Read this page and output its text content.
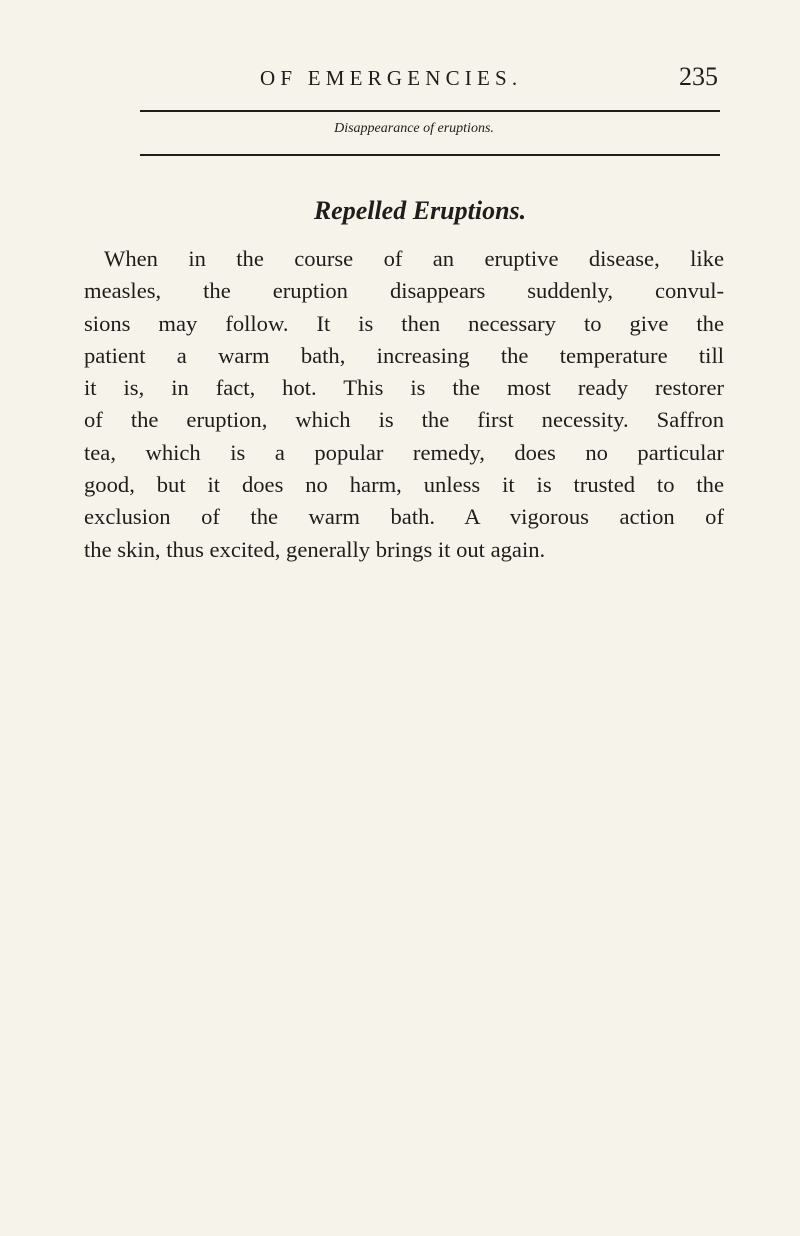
OF EMERGENCIES.	235
Disappearance of eruptions.
Repelled Eruptions.
When in the course of an eruptive disease, like
measles, the eruption disappears suddenly, convul-
sions may follow. It is then necessary to give the
patient a warm bath, increasing the temperature till
it is, in fact, hot. This is the most ready restorer
of the eruption, which is the first necessity. Saffron
tea, which is a popular remedy, does no particular
good, but it does no harm, unless it is trusted to the
exclusion of the warm bath. A vigorous action of
the skin, thus excited, generally brings it out again.
